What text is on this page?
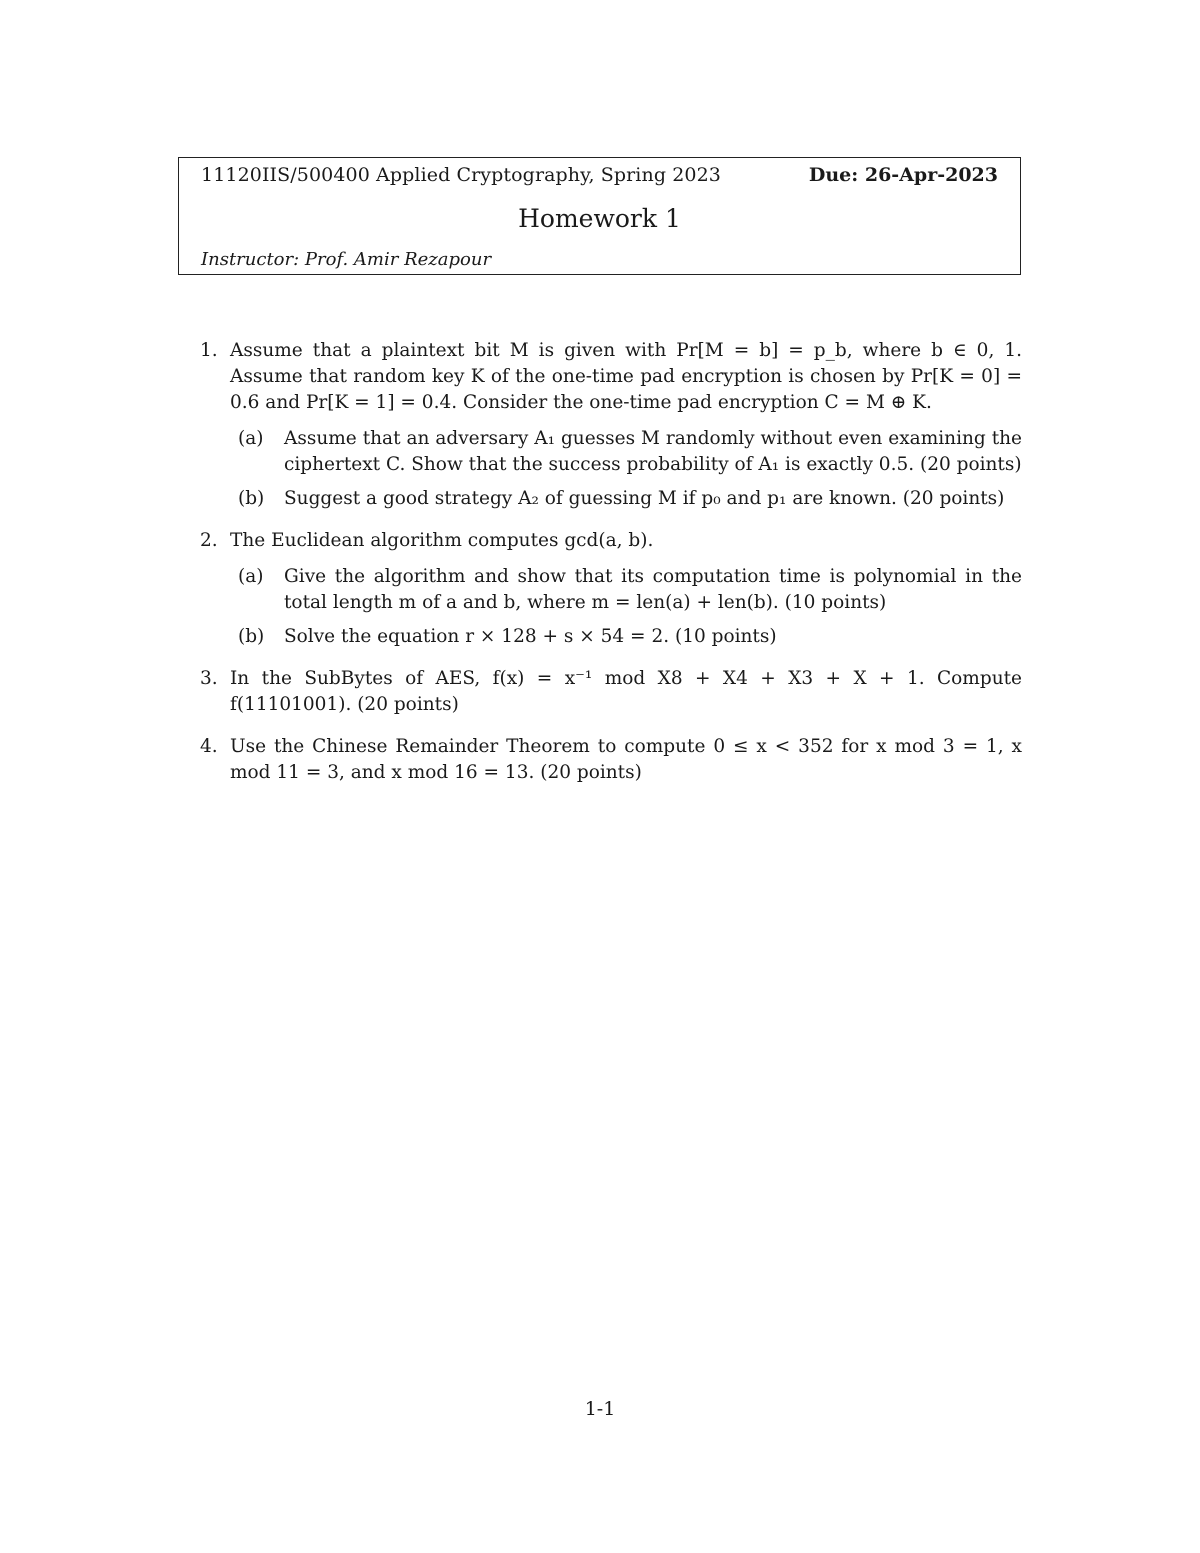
11120IIS/500400 Applied Cryptography, Spring 2023	Due: 26-Apr-2023
Homework 1
Instructor: Prof. Amir Rezapour
1. Assume that a plaintext bit M is given with Pr[M = b] = p_b, where b ∈ 0, 1. Assume that random key K of the one-time pad encryption is chosen by Pr[K = 0] = 0.6 and Pr[K = 1] = 0.4. Consider the one-time pad encryption C = M ⊕ K.
(a) Assume that an adversary A₁ guesses M randomly without even examining the ciphertext C. Show that the success probability of A₁ is exactly 0.5. (20 points)
(b) Suggest a good strategy A₂ of guessing M if p₀ and p₁ are known. (20 points)
2. The Euclidean algorithm computes gcd(a, b).
(a) Give the algorithm and show that its computation time is polynomial in the total length m of a and b, where m = len(a) + len(b). (10 points)
(b) Solve the equation r × 128 + s × 54 = 2. (10 points)
3. In the SubBytes of AES, f(x) = x⁻¹ mod X8 + X4 + X3 + X + 1. Compute f(11101001). (20 points)
4. Use the Chinese Remainder Theorem to compute 0 ≤ x < 352 for x mod 3 = 1, x mod 11 = 3, and x mod 16 = 13. (20 points)
1-1
